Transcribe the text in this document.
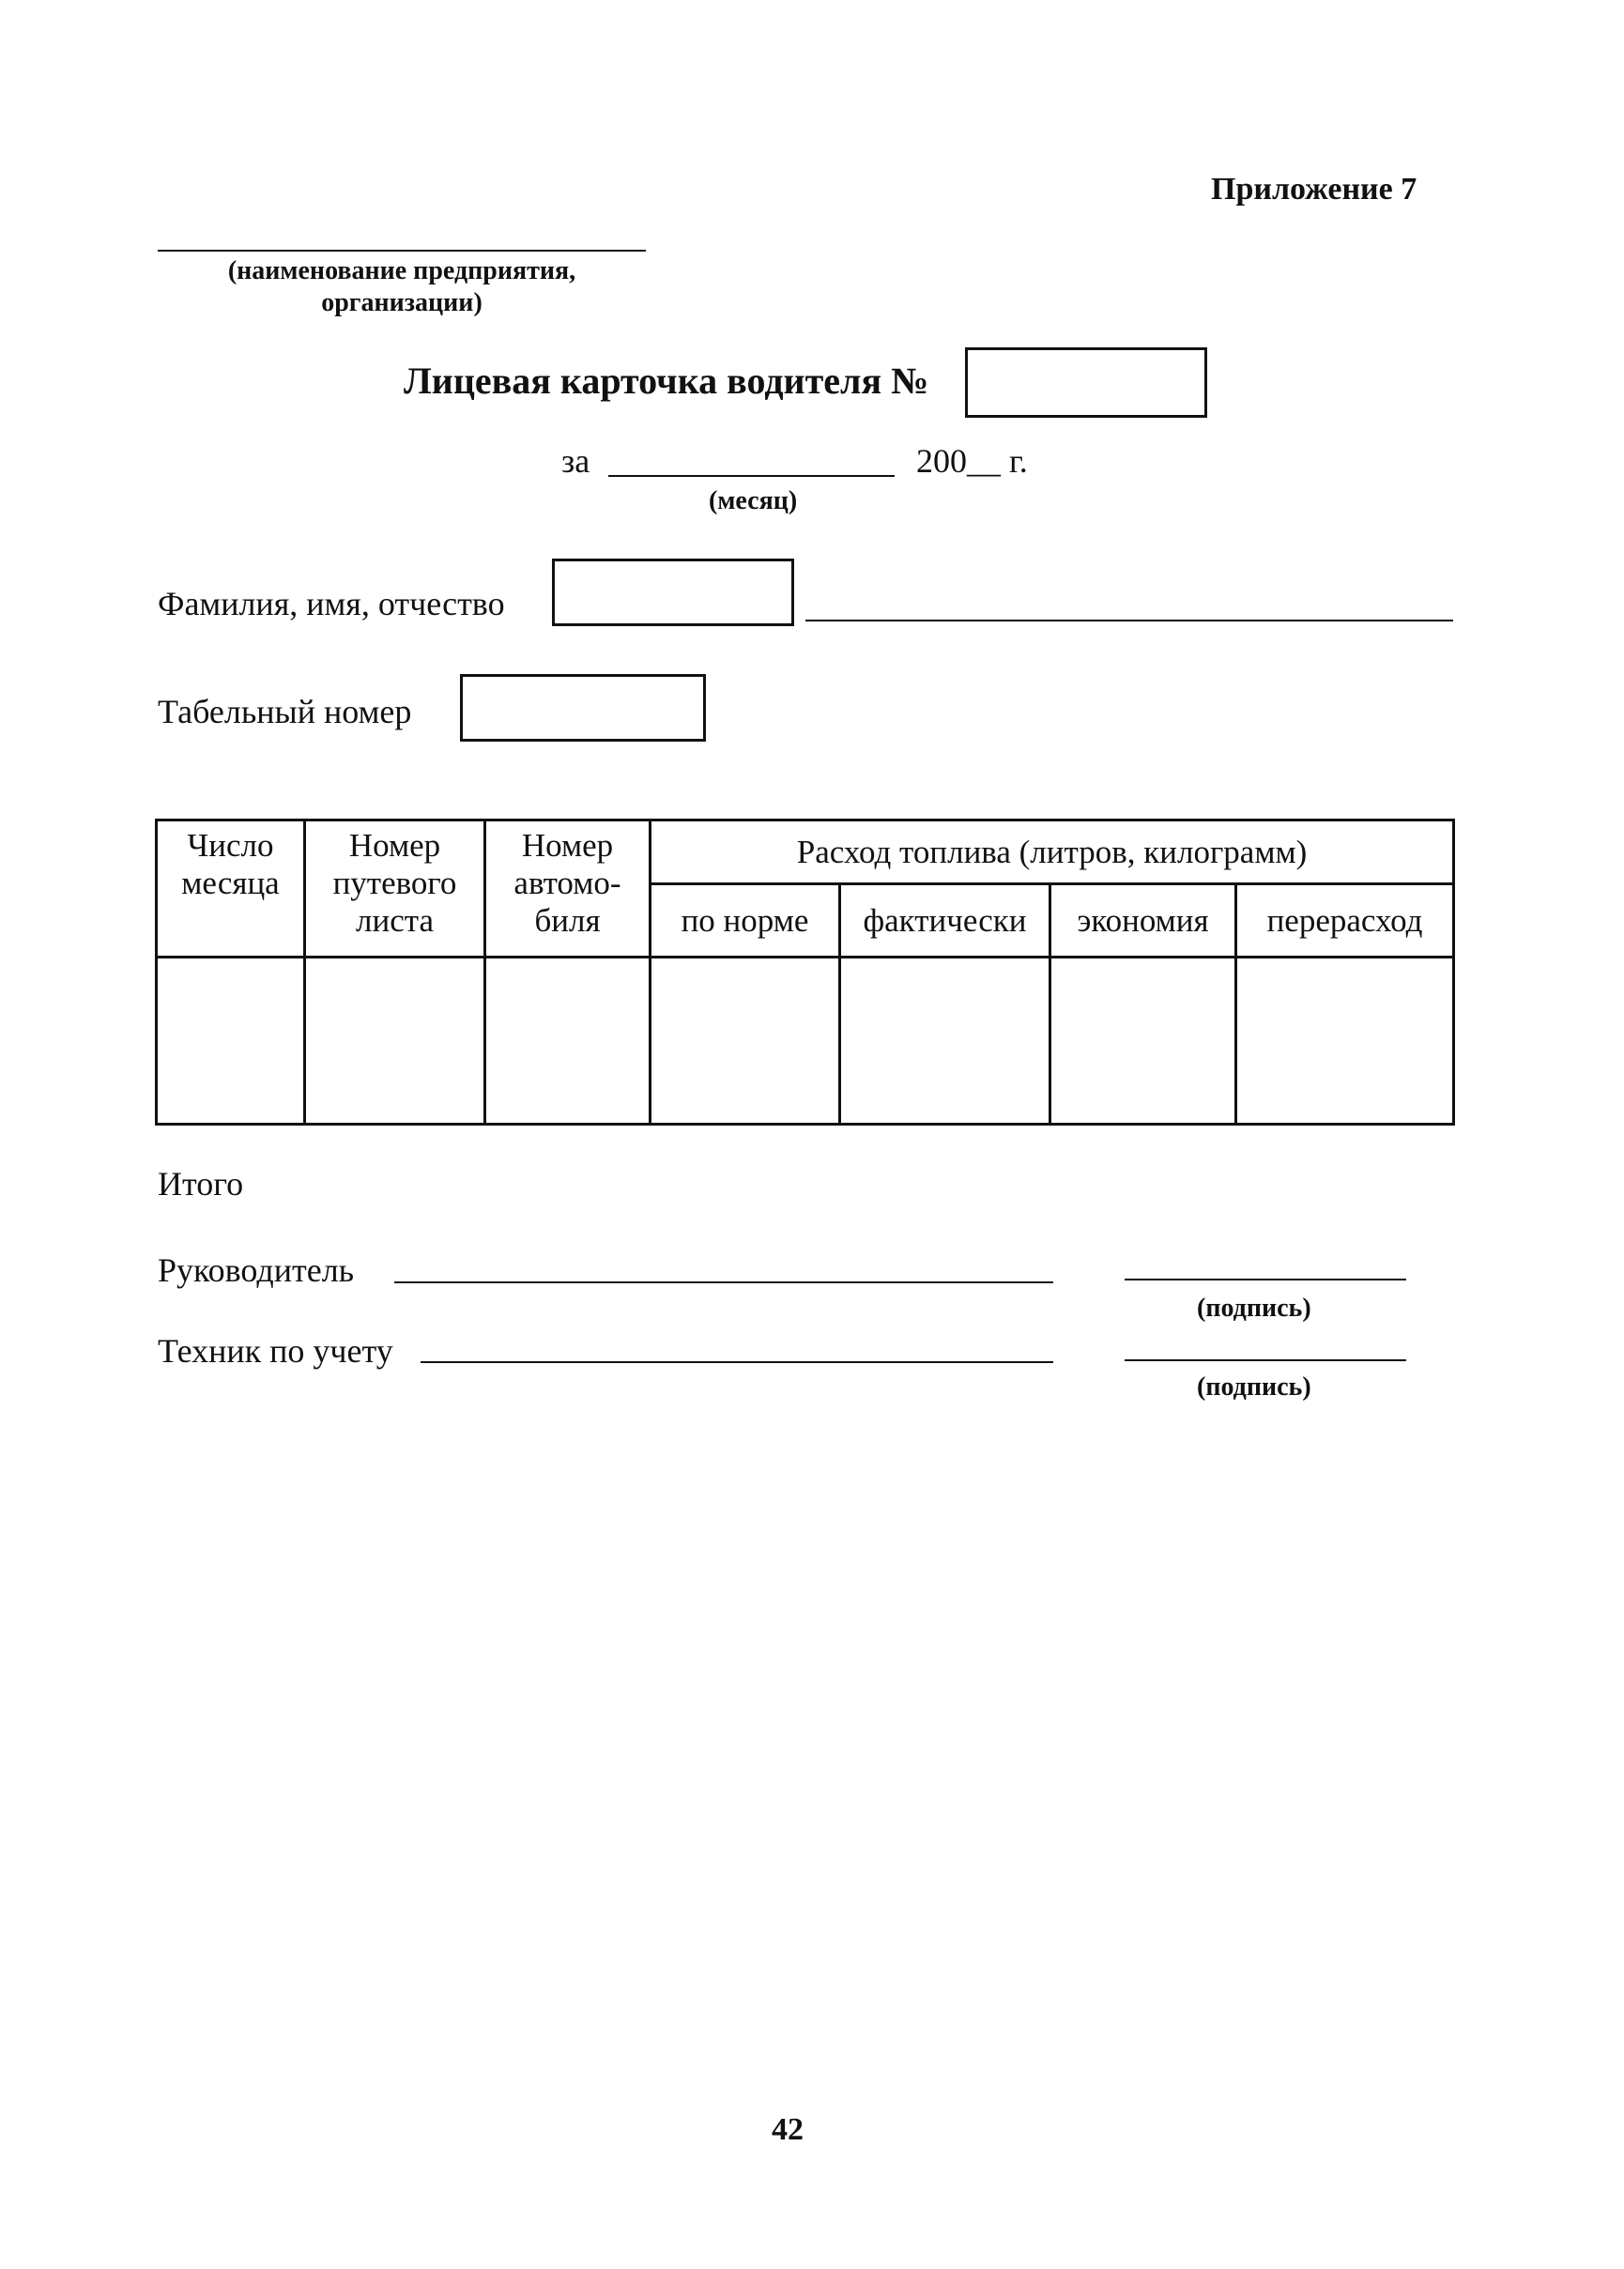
Приложение 7
(наименование предприятия, организации)
Лицевая карточка водителя №
за	200__ г.
(месяц)
Фамилия, имя, отчество
Табельный номер
Число месяца	Номер путевого листа	Номер автомо-биля	Расход топлива (литров, килограмм)			
			по норме	фактически	экономия	перерасход

Итого
Руководитель
(подпись)
Техник по учету
(подпись)
42
